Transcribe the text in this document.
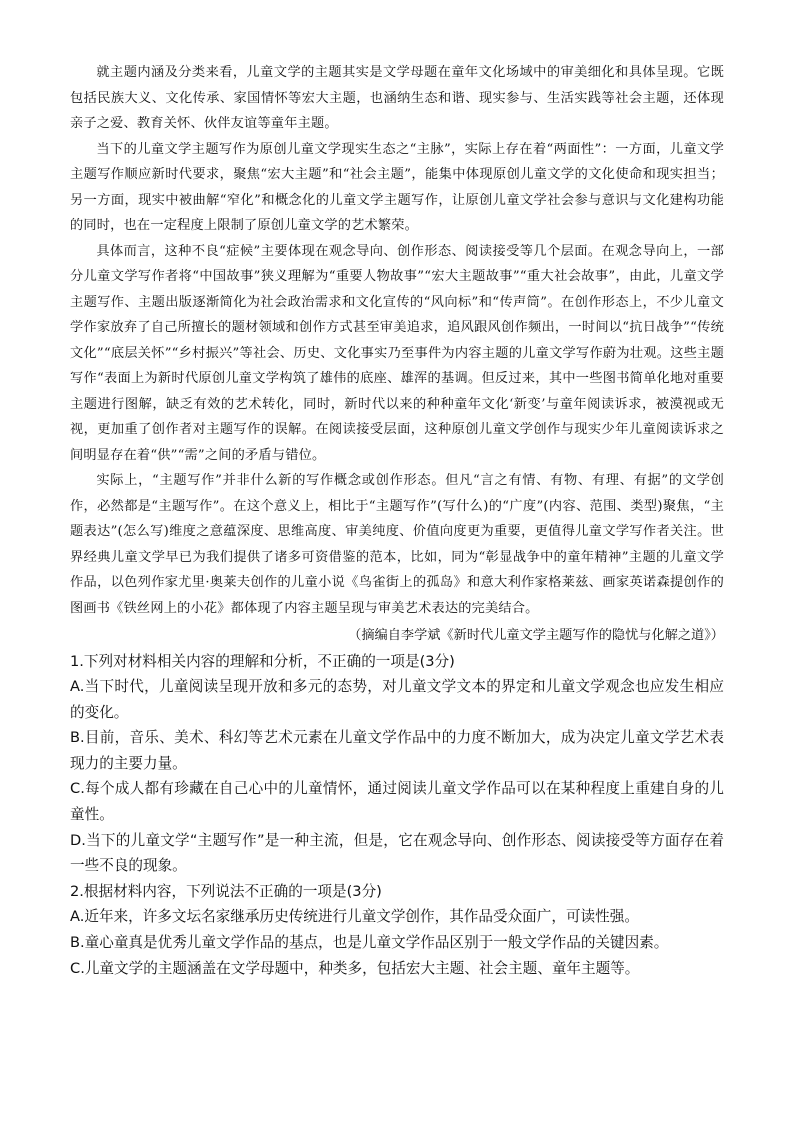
就主题内涵及分类来看，儿童文学的主题其实是文学母题在童年文化场域中的审美细化和具体呈现。它既包括民族大义、文化传承、家国情怀等宏大主题，也涵纳生态和谐、现实参与、生活实践等社会主题，还体现亲子之爱、教育关怀、伙伴友谊等童年主题。

当下的儿童文学主题写作为原创儿童文学现实生态之“主脉”，实际上存在着“两面性”：一方面，儿童文学主题写作顺应新时代要求，聚焦“宏大主题”和“社会主题”，能集中体现原创儿童文学的文化使命和现实担当；另一方面，现实中被曲解“窄化”和概念化的儿童文学主题写作，让原创儿童文学社会参与意识与文化建构功能的同时，也在一定程度上限制了原创儿童文学的艺术繁荣。

具体而言，这种不良“症候”主要体现在观念导向、创作形态、阅读接受等几个层面。在观念导向上，一部分儿童文学写作者将“中国故事”狭义理解为“重要人物故事”“宏大主题故事”“重大社会故事”，由此，儿童文学主题写作、主题出版逐渐简化为社会政治需求和文化宣传的“风向标”和“传声筒”。在创作形态上，不少儿童文学作家放弃了自己所擅长的题材领域和创作方式甚至审美追求，追风跟风创作频出，一时间以“抗日战争”“传统文化”“底层关怀”“乡村振兴”等社会、历史、文化事实乃至事件为内容主题的儿童文学写作蔚为壮观。这些主题写作“表面上为新时代原创儿童文学构筑了雄伟的底座、雄浑的基调。但反过来，其中一些图书简单化地对重要主题进行图解，缺乏有效的艺术转化，同时，新时代以来的种种童年文化‘新变’与童年阅读诉求，被漠视或无视，更加重了创作者对主题写作的误解。在阅读接受层面，这种原创儿童文学创作与现实少年儿童阅读诉求之间明显存在着“供”“需”之间的矛盾与错位。

实际上，“主题写作”并非什么新的写作概念或创作形态。但凡“言之有情、有物、有理、有据”的文学创作，必然都是“主题写作”。在这个意义上，相比于“主题写作”(写什么)的“广度”(内容、范围、类型)聚焦，“主题表达”(怎么写)维度之意蕴深度、思维高度、审美纯度、价值向度更为重要，更值得儿童文学写作者关注。世界经典儿童文学早已为我们提供了诸多可资借鉴的范本，比如，同为“彰显战争中的童年精神”主题的儿童文学作品，以色列作家尤里·奥莱夫创作的儿童小说《鸟雀街上的孤岛》和意大利作家格莱兹、画家英诺森提创作的图画书《铁丝网上的小花》都体现了内容主题呈现与审美艺术表达的完美结合。

（摘编自李学斌《新时代儿童文学主题写作的隐忧与化解之道》）

1.下列对材料相关内容的理解和分析，不正确的一项是(3分)

A.当下时代，儿童阅读呈现开放和多元的态势，对儿童文学文本的界定和儿童文学观念也应发生相应的变化。

B.目前，音乐、美术、科幻等艺术元素在儿童文学作品中的力度不断加大，成为决定儿童文学艺术表现力的主要力量。

C.每个成人都有珍藏在自己心中的儿童情怀，通过阅读儿童文学作品可以在某种程度上重建自身的儿童性。

D.当下的儿童文学“主题写作”是一种主流，但是，它在观念导向、创作形态、阅读接受等方面存在着一些不良的现象。

2.根据材料内容，下列说法不正确的一项是(3分)

A.近年来，许多文坛名家继承历史传统进行儿童文学创作，其作品受众面广，可读性强。

B.童心童真是优秀儿童文学作品的基点，也是儿童文学作品区别于一般文学作品的关键因素。

C.儿童文学的主题涵盖在文学母题中，种类多，包括宏大主题、社会主题、童年主题等。
